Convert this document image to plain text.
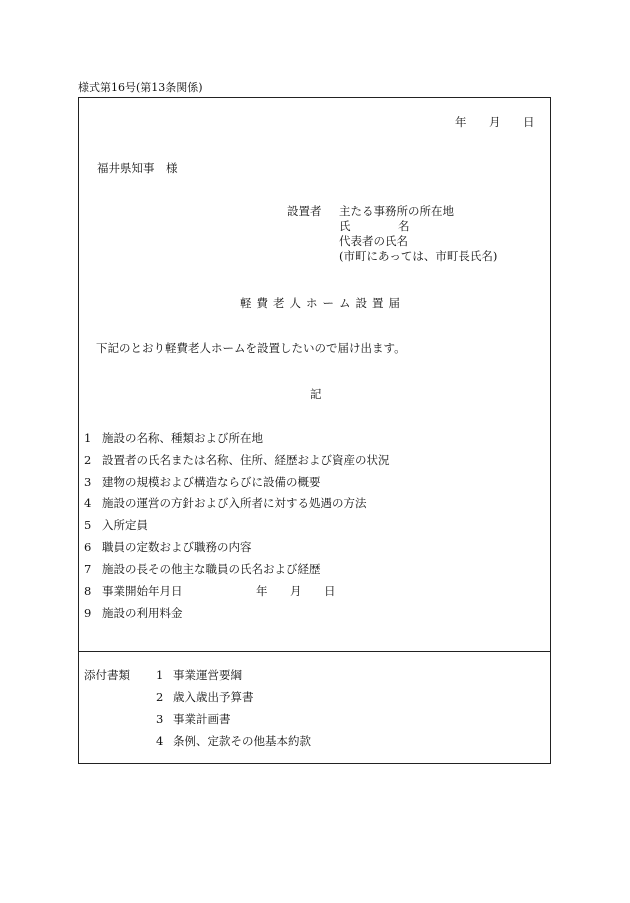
様式第16号(第13条関係)
年 月 日
福井県知事　様
設置者 主たる事務所の所在地
氏	名
代表者の氏名
(市町にあっては、市町長氏名)
軽費老人ホーム設置届
下記のとおり軽費老人ホームを設置したいので届け出ます。
記
1 施設の名称、種類および所在地
2 設置者の氏名または名称、住所、経歴および資産の状況
3 建物の規模および構造ならびに設備の概要
4 施設の運営の方針および入所者に対する処遇の方法
5 入所定員
6 職員の定数および職務の内容
7 施設の長その他主な職員の氏名および経歴
8 事業開始年月日	年 月 日
9 施設の利用料金
添付書類 1 事業運営要綱
2 歳入歳出予算書
3 事業計画書
4 条例、定款その他基本約款
